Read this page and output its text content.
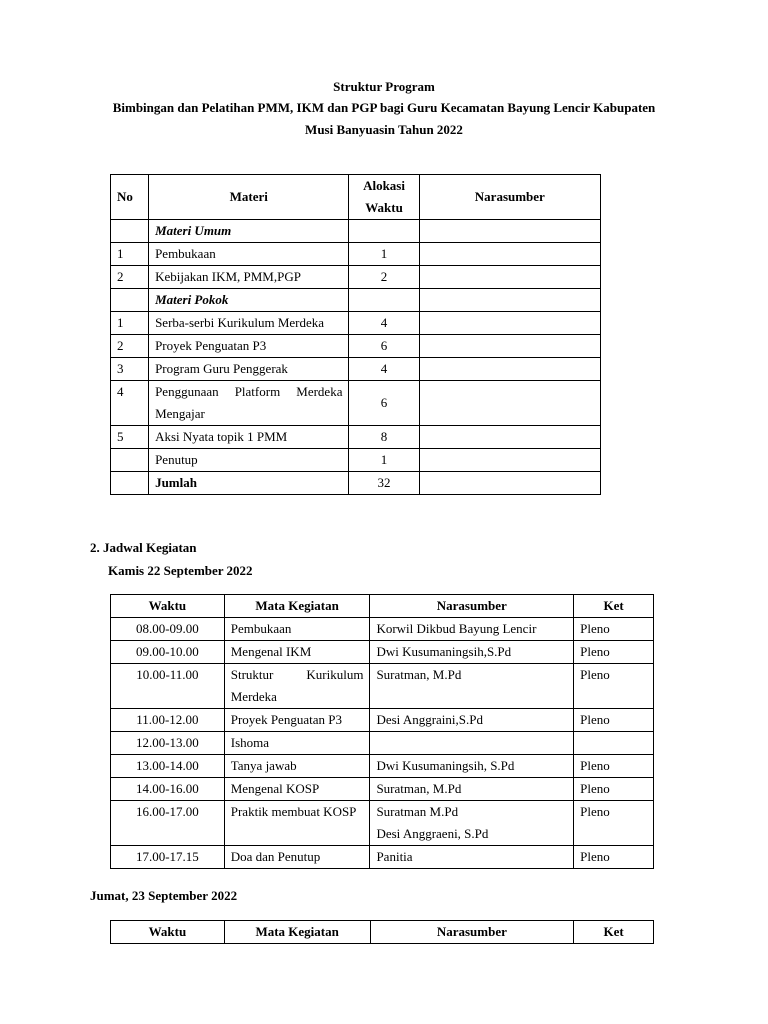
Struktur Program
Bimbingan dan Pelatihan PMM, IKM dan PGP bagi Guru Kecamatan Bayung Lencir Kabupaten
Musi Banyuasin Tahun 2022
No	Materi	Alokasi Waktu	Narasumber
	Materi Umum		
1	Pembukaan	1	
2	Kebijakan IKM, PMM,PGP	2	
	Materi Pokok		
1	Serba-serbi Kurikulum Merdeka	4	
2	Proyek Penguatan P3	6	
3	Program Guru Penggerak	4	
4	Penggunaan Platform Merdeka Mengajar	6	
5	Aksi Nyata topik 1 PMM	8	
	Penutup	1	
	Jumlah	32	
2. Jadwal Kegiatan
Kamis 22 September 2022
Waktu	Mata Kegiatan	Narasumber	Ket
08.00-09.00	Pembukaan	Korwil Dikbud Bayung Lencir	Pleno
09.00-10.00	Mengenal IKM	Dwi Kusumaningsih,S.Pd	Pleno
10.00-11.00	Struktur Kurikulum Merdeka	Suratman, M.Pd	Pleno
11.00-12.00	Proyek Penguatan P3	Desi Anggraini,S.Pd	Pleno
12.00-13.00	Ishoma		
13.00-14.00	Tanya jawab	Dwi Kusumaningsih, S.Pd	Pleno
14.00-16.00	Mengenal KOSP	Suratman, M.Pd	Pleno
16.00-17.00	Praktik membuat KOSP	Suratman M.Pd
Desi Anggraeni, S.Pd	Pleno
17.00-17.15	Doa dan Penutup	Panitia	Pleno
Jumat, 23 September 2022
Waktu	Mata Kegiatan	Narasumber	Ket
